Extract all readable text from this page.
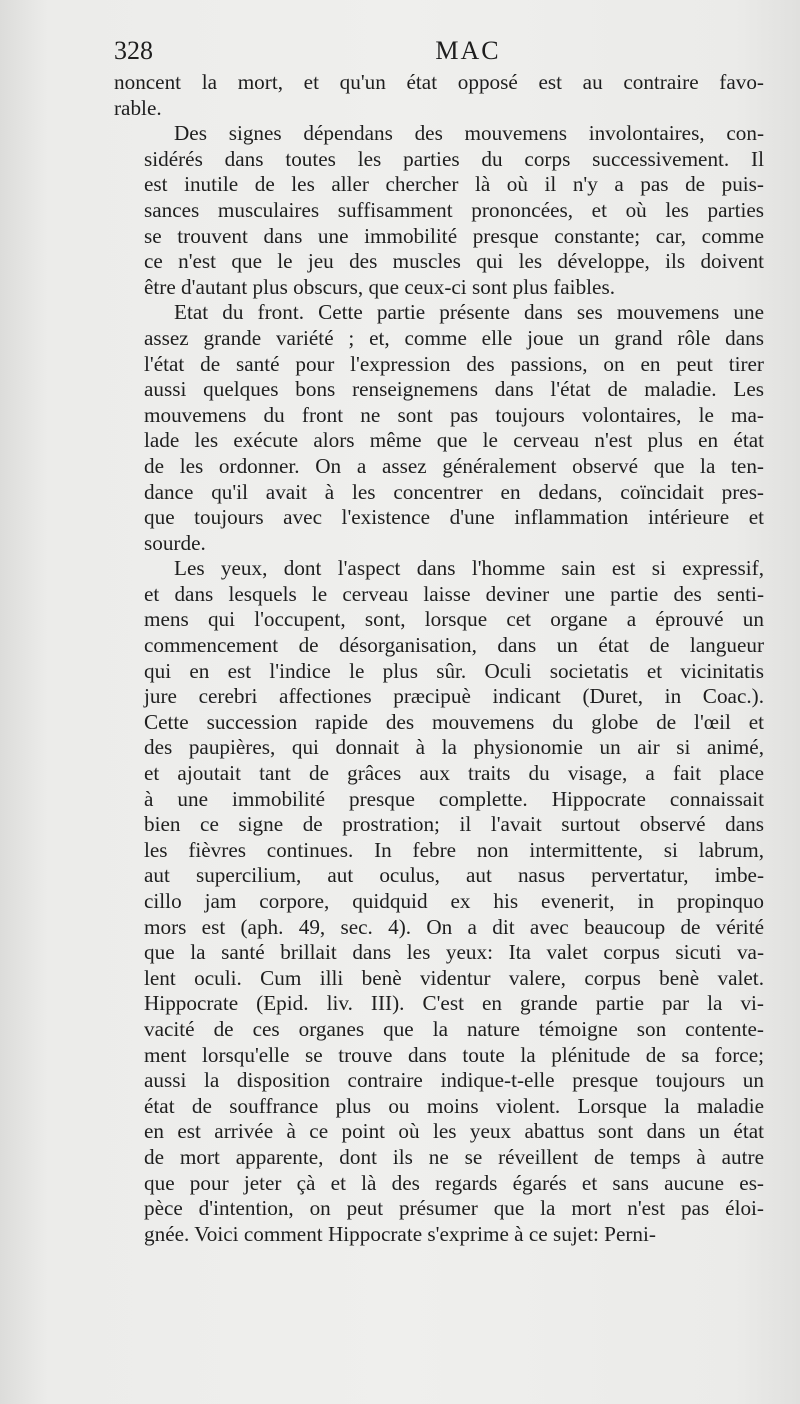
328	MAC

noncent la mort, et qu'un état opposé est au contraire favo-
rable.

Des signes dépendans des mouvemens involontaires, con-
sidérés dans toutes les parties du corps successivement. Il
est inutile de les aller chercher là où il n'y a pas de puis-
sances musculaires suffisamment prononcées, et où les parties
se trouvent dans une immobilité presque constante; car, comme
ce n'est que le jeu des muscles qui les développe, ils doivent
être d'autant plus obscurs, que ceux-ci sont plus faibles.

Etat du front. Cette partie présente dans ses mouvemens une
assez grande variété ; et, comme elle joue un grand rôle dans
l'état de santé pour l'expression des passions, on en peut tirer
aussi quelques bons renseignemens dans l'état de maladie. Les
mouvemens du front ne sont pas toujours volontaires, le ma-
lade les exécute alors même que le cerveau n'est plus en état
de les ordonner. On a assez généralement observé que la ten-
dance qu'il avait à les concentrer en dedans, coïncidait pres-
que toujours avec l'existence d'une inflammation intérieure et
sourde.

Les yeux, dont l'aspect dans l'homme sain est si expressif,
et dans lesquels le cerveau laisse deviner une partie des senti-
mens qui l'occupent, sont, lorsque cet organe a éprouvé un
commencement de désorganisation, dans un état de langueur
qui en est l'indice le plus sûr. Oculi societatis et vicinitatis
jure cerebri affectiones præcipuè indicant (Duret, in Coac.).
Cette succession rapide des mouvemens du globe de l'œil et
des paupières, qui donnait à la physionomie un air si animé,
et ajoutait tant de grâces aux traits du visage, a fait place
à une immobilité presque complette. Hippocrate connaissait
bien ce signe de prostration; il l'avait surtout observé dans
les fièvres continues. In febre non intermittente, si labrum,
aut supercilium, aut oculus, aut nasus pervertatur, imbe-
cillo jam corpore, quidquid ex his evenerit, in propinquo
mors est (aph. 49, sec. 4). On a dit avec beaucoup de vérité
que la santé brillait dans les yeux: Ita valet corpus sicuti va-
lent oculi. Cum illi benè videntur valere, corpus benè valet.
Hippocrate (Epid. liv. III). C'est en grande partie par la vi-
vacité de ces organes que la nature témoigne son contente-
ment lorsqu'elle se trouve dans toute la plénitude de sa force;
aussi la disposition contraire indique-t-elle presque toujours un
état de souffrance plus ou moins violent. Lorsque la maladie
en est arrivée à ce point où les yeux abattus sont dans un état
de mort apparente, dont ils ne se réveillent de temps à autre
que pour jeter çà et là des regards égarés et sans aucune es-
pèce d'intention, on peut présumer que la mort n'est pas éloi-
gnée. Voici comment Hippocrate s'exprime à ce sujet: Perni-
